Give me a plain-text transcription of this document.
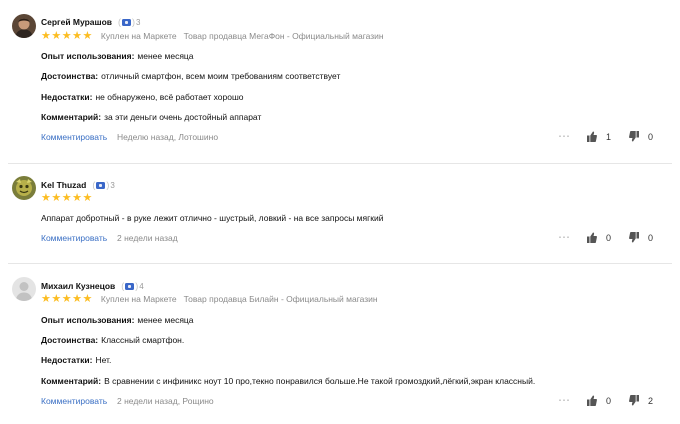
Сергей Мурашов ( ) 3
★ ★ ★ ★ ★ Куплен на Маркете Товар продавца МегаФон - Официальный магазин
Опыт использования: менее месяца
Достоинства: отличный смартфон, всем моим требованиям соответствует
Недостатки: не обнаружено, всё работает хорошо
Комментарий: за эти деньги очень достойный аппарат
Комментировать Неделю назад, Лотошино	⋯	1	0
Kel Thuzad ( ) 3
★ ★ ★ ★ ★
Аппарат добротный - в руке лежит отлично - шустрый, ловкий - на все запросы мягкий
Комментировать 2 недели назад	⋯	0	0
Михаил Кузнецов ( ) 4
★ ★ ★ ★ ★ Куплен на Маркете Товар продавца Билайн - Официальный магазин
Опыт использования: менее месяца
Достоинства: Классный смартфон.
Недостатки: Нет.
Комментарий: В сравнении с инфиникс ноут 10 про,текно понравился больше.Не такой громоздкий,лёгкий,экран классный.
Комментировать 2 недели назад, Рощино	⋯	0	2
